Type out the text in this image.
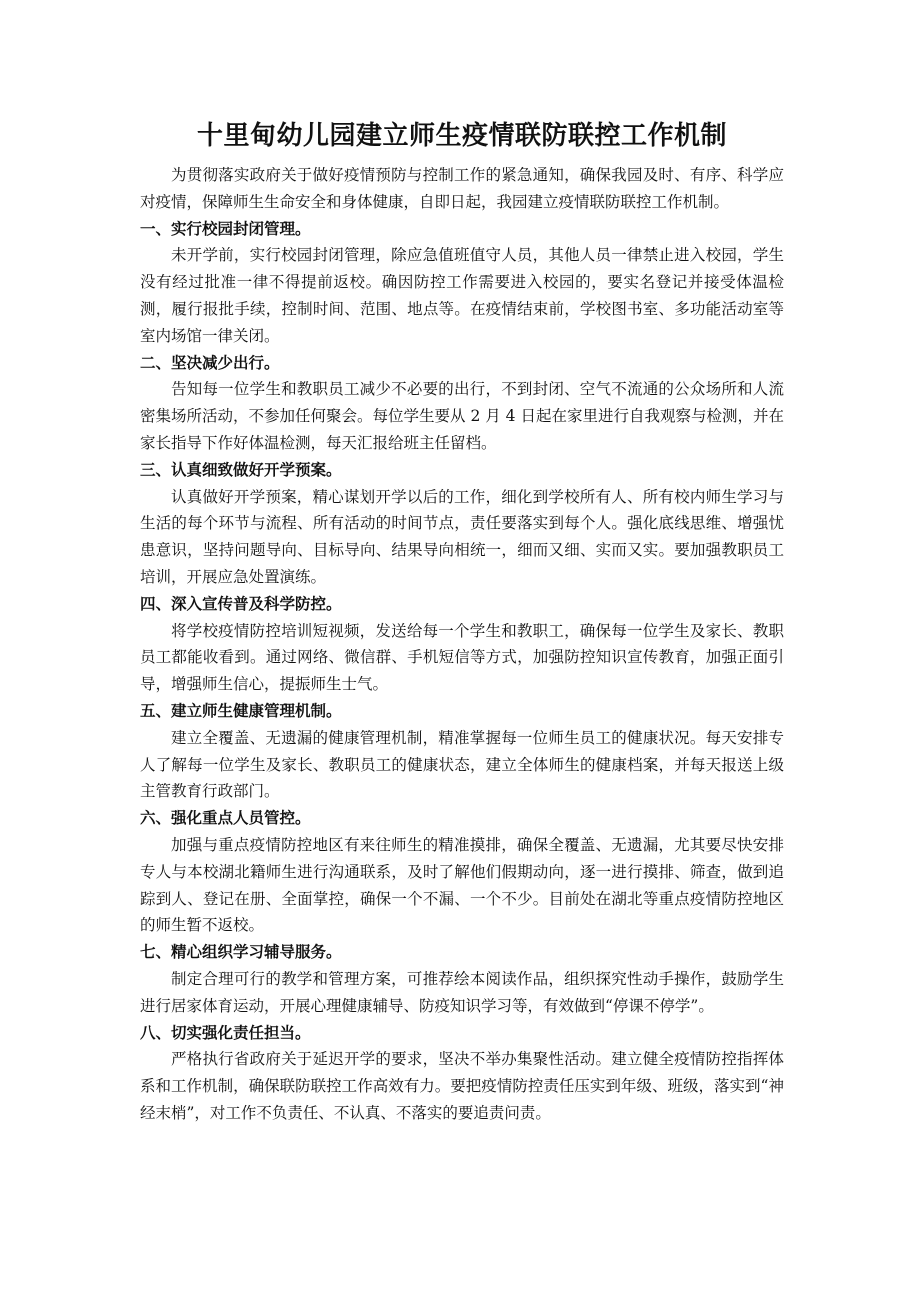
十里甸幼儿园建立师生疫情联防联控工作机制

为贯彻落实政府关于做好疫情预防与控制工作的紧急通知，确保我园及时、有序、科学应对疫情，保障师生生命安全和身体健康，自即日起，我园建立疫情联防联控工作机制。

一、实行校园封闭管理。

未开学前，实行校园封闭管理，除应急值班值守人员，其他人员一律禁止进入校园，学生没有经过批准一律不得提前返校。确因防控工作需要进入校园的，要实名登记并接受体温检测，履行报批手续，控制时间、范围、地点等。在疫情结束前，学校图书室、多功能活动室等室内场馆一律关闭。

二、坚决减少出行。

告知每一位学生和教职员工减少不必要的出行，不到封闭、空气不流通的公众场所和人流密集场所活动，不参加任何聚会。每位学生要从 2 月 4 日起在家里进行自我观察与检测，并在家长指导下作好体温检测，每天汇报给班主任留档。

三、认真细致做好开学预案。

认真做好开学预案，精心谋划开学以后的工作，细化到学校所有人、所有校内师生学习与生活的每个环节与流程、所有活动的时间节点，责任要落实到每个人。强化底线思维、增强忧患意识，坚持问题导向、目标导向、结果导向相统一，细而又细、实而又实。要加强教职员工培训，开展应急处置演练。

四、深入宣传普及科学防控。

将学校疫情防控培训短视频，发送给每一个学生和教职工，确保每一位学生及家长、教职员工都能收看到。通过网络、微信群、手机短信等方式，加强防控知识宣传教育，加强正面引导，增强师生信心，提振师生士气。

五、建立师生健康管理机制。

建立全覆盖、无遗漏的健康管理机制，精准掌握每一位师生员工的健康状况。每天安排专人了解每一位学生及家长、教职员工的健康状态，建立全体师生的健康档案，并每天报送上级主管教育行政部门。

六、强化重点人员管控。

加强与重点疫情防控地区有来往师生的精准摸排，确保全覆盖、无遗漏，尤其要尽快安排专人与本校湖北籍师生进行沟通联系，及时了解他们假期动向，逐一进行摸排、筛查，做到追踪到人、登记在册、全面掌控，确保一个不漏、一个不少。目前处在湖北等重点疫情防控地区的师生暂不返校。

七、精心组织学习辅导服务。

制定合理可行的教学和管理方案，可推荐绘本阅读作品，组织探究性动手操作，鼓励学生进行居家体育运动，开展心理健康辅导、防疫知识学习等，有效做到“停课不停学”。

八、切实强化责任担当。

严格执行省政府关于延迟开学的要求，坚决不举办集聚性活动。建立健全疫情防控指挥体系和工作机制，确保联防联控工作高效有力。要把疫情防控责任压实到年级、班级，落实到“神经末梢”，对工作不负责任、不认真、不落实的要追责问责。
